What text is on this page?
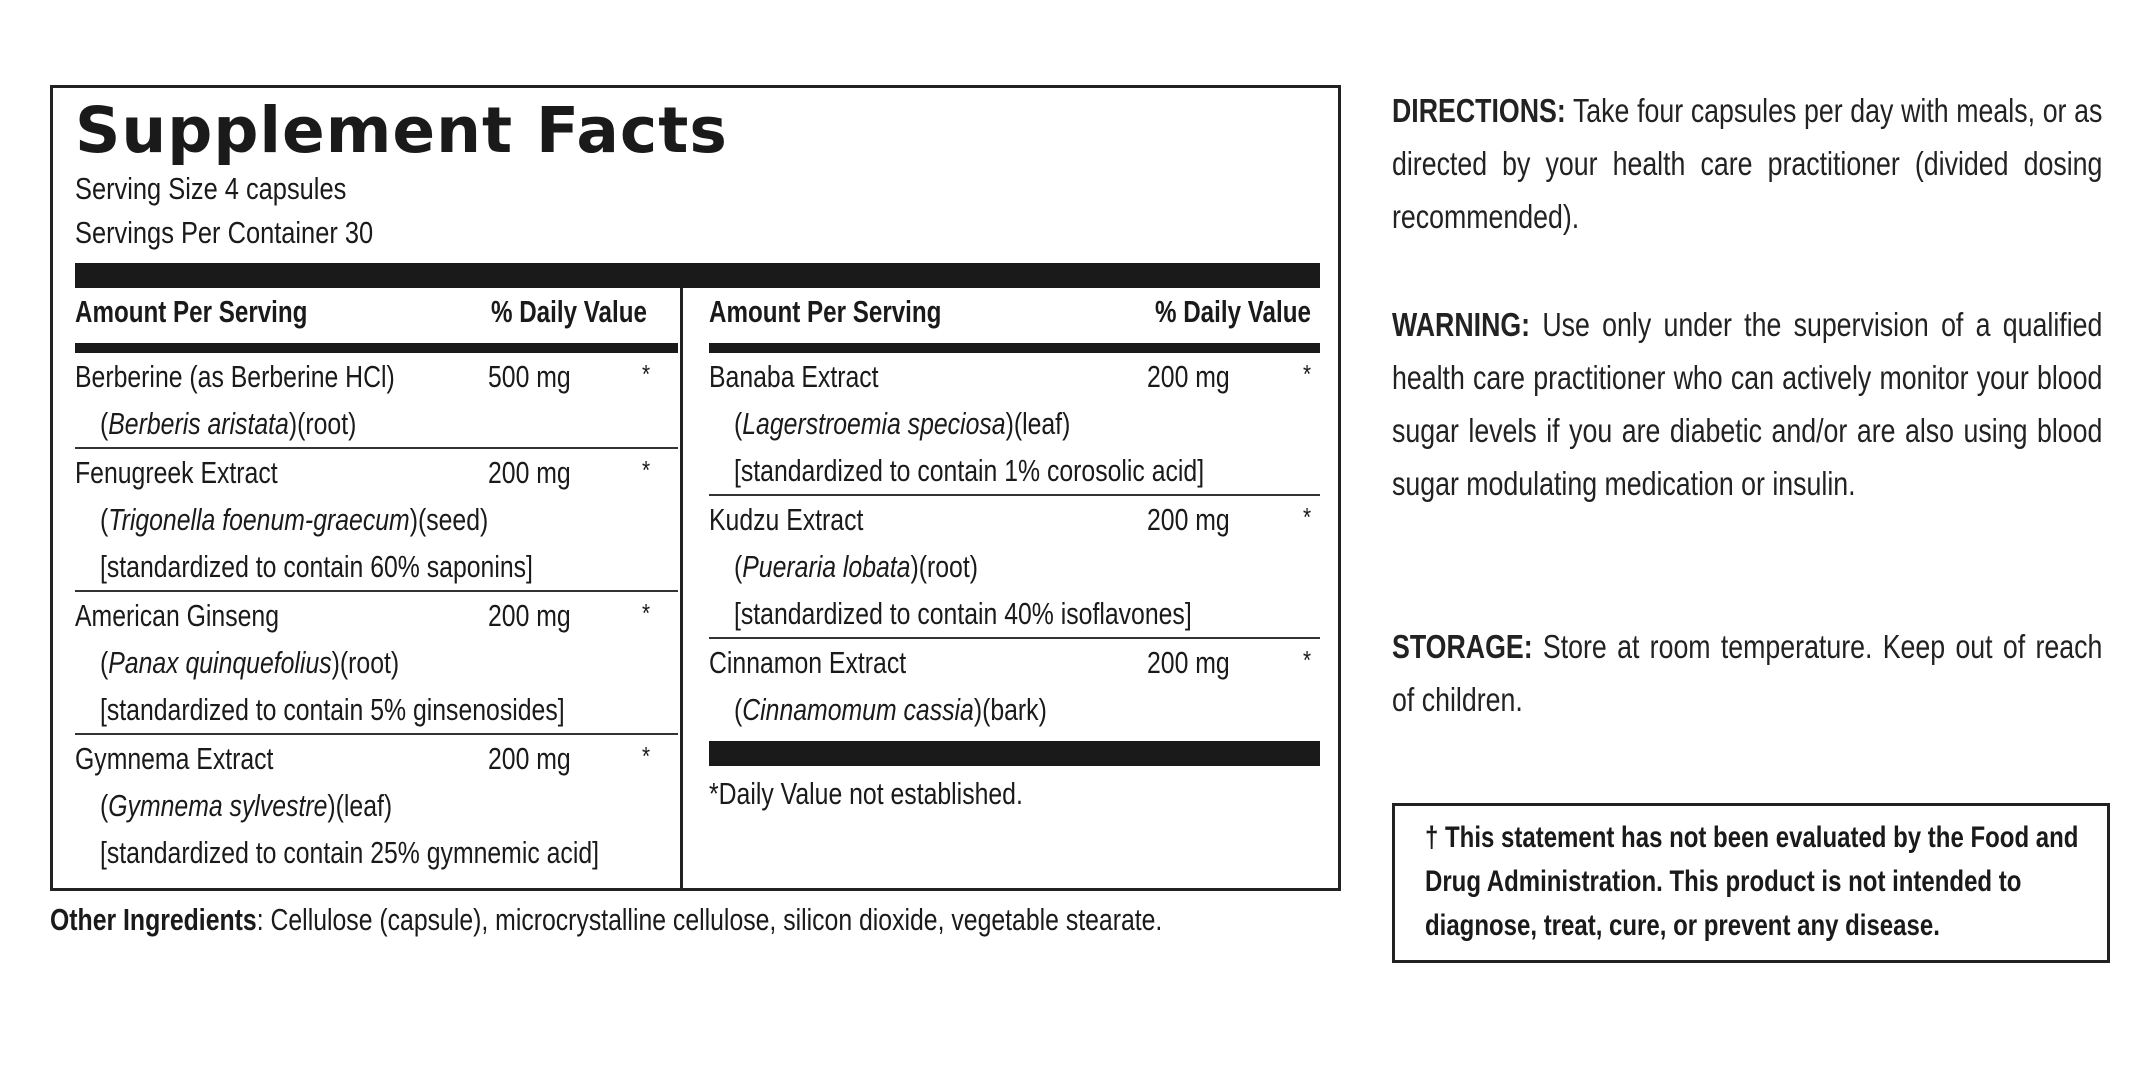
Supplement Facts
Serving Size 4 capsules
Servings Per Container 30
Amount Per Serving	% Daily Value
Berberine (as Berberine HCl)	500 mg	*
(Berberis aristata)(root)
Fenugreek Extract	200 mg	*
(Trigonella foenum-graecum)(seed)
[standardized to contain 60% saponins]
American Ginseng	200 mg	*
(Panax quinquefolius)(root)
[standardized to contain 5% ginsenosides]
Gymnema Extract	200 mg	*
(Gymnema sylvestre)(leaf)
[standardized to contain 25% gymnemic acid]
Amount Per Serving	% Daily Value
Banaba Extract	200 mg	*
(Lagerstroemia speciosa)(leaf)
[standardized to contain 1% corosolic acid]
Kudzu Extract	200 mg	*
(Pueraria lobata)(root)
[standardized to contain 40% isoflavones]
Cinnamon Extract	200 mg	*
(Cinnamomum cassia)(bark)
*Daily Value not established.
Other Ingredients: Cellulose (capsule), microcrystalline cellulose, silicon dioxide, vegetable stearate.
DIRECTIONS: Take four capsules per day with meals, or as directed by your health care practitioner (divided dosing recommended).
WARNING: Use only under the supervision of a qualified health care practitioner who can actively monitor your blood sugar levels if you are diabetic and/or are also using blood sugar modulating medication or insulin.
STORAGE: Store at room temperature. Keep out of reach of children.
† This statement has not been evaluated by the Food and Drug Administration. This product is not intended to diagnose, treat, cure, or prevent any disease.
